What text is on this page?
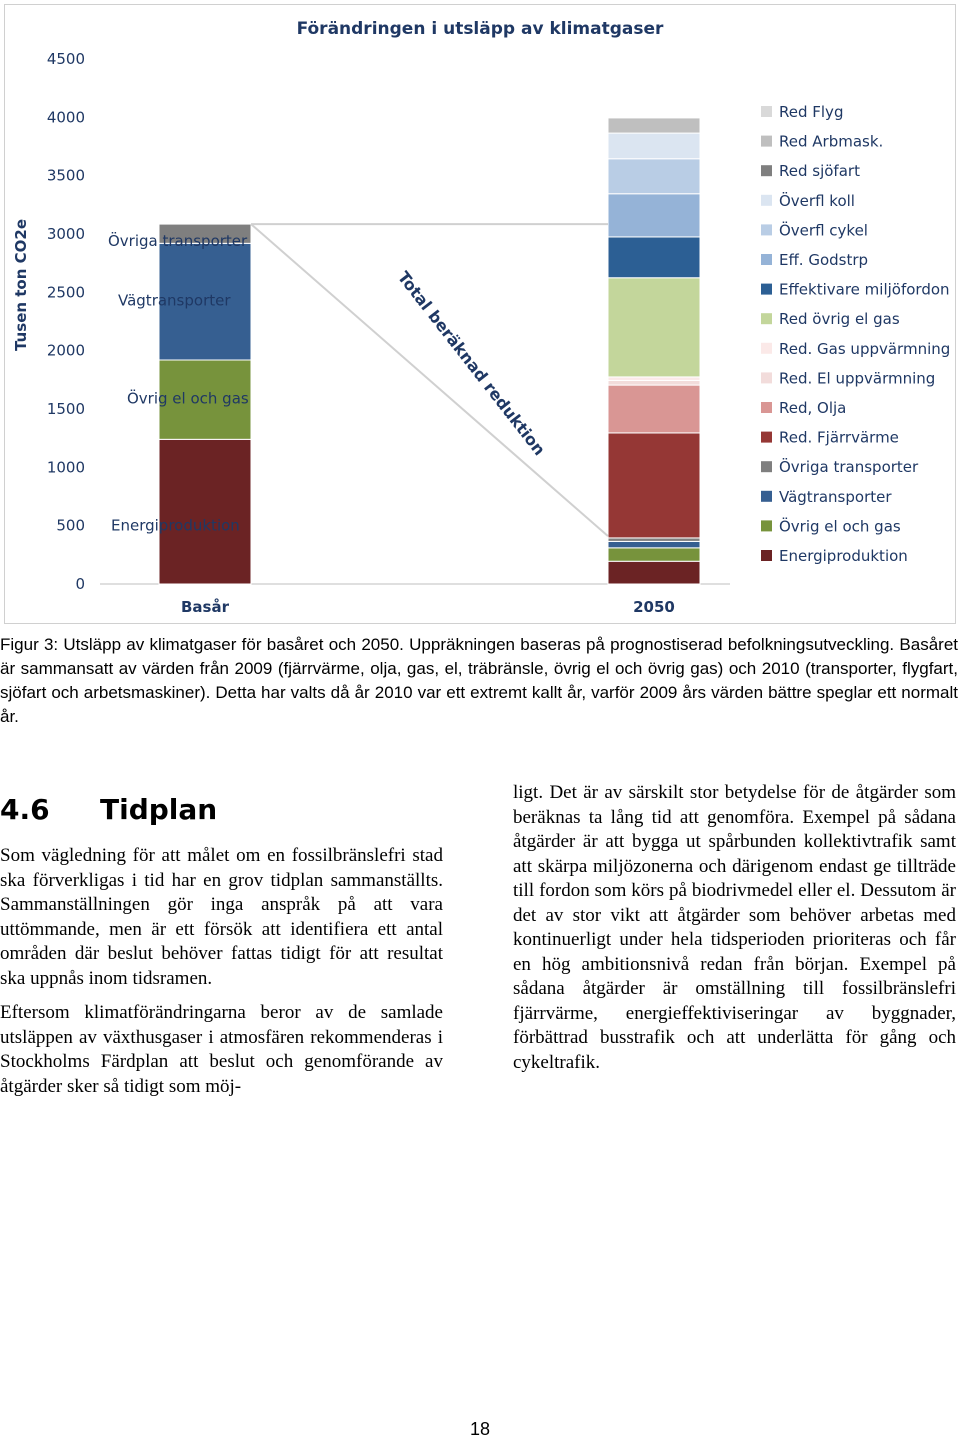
Förändringen i utsläpp av klimatgaser
Tusen ton CO2e
0
500
1000
1500
2000
2500
3000
3500
4000
4500
Basår	2050
Energiproduktion
Övrig el och gas
Vägtransporter
Övriga transporter
Total beräknad reduktion
Red Flyg
Red Arbmask.
Red sjöfart
Överfl koll
Överfl cykel
Eff. Godstrp
Effektivare miljöfordon
Red övrig el gas
Red. Gas uppvärmning
Red. El uppvärmning
Red, Olja
Red. Fjärrvärme
Övriga transporter
Vägtransporter
Övrig el och gas
Energiproduktion

Figur 3: Utsläpp av klimatgaser för basåret och 2050. Uppräkningen baseras på prognostiserad befolkningsutveckling. Basåret är sammansatt av värden från 2009 (fjärrvärme, olja, gas, el, träbränsle, övrig el och övrig gas) och 2010 (transporter, flygfart, sjöfart och arbetsmaskiner). Detta har valts då år 2010 var ett extremt kallt år, varför 2009 års värden bättre speglar ett normalt år.

4.6 Tidplan

Som vägledning för att målet om en fossilbränslefri stad ska förverkligas i tid har en grov tidplan sammanställts. Sammanställningen gör inga anspråk på att vara uttömmande, men är ett försök att identifiera ett antal områden där beslut behöver fattas tidigt för att resultat ska uppnås inom tidsramen.

Eftersom klimatförändringarna beror av de samlade utsläppen av växthusgaser i atmosfären rekommenderas i Stockholms Färdplan att beslut och genomförande av åtgärder sker så tidigt som möj-

ligt. Det är av särskilt stor betydelse för de åtgärder som beräknas ta lång tid att genomföra. Exempel på sådana åtgärder är att bygga ut spårbunden kollektivtrafik samt att skärpa miljözonerna och därigenom endast ge tillträde till fordon som körs på biodrivmedel eller el. Dessutom är det av stor vikt att åtgärder som behöver arbetas med kontinuerligt under hela tidsperioden prioriteras och får en hög ambitionsnivå redan från början. Exempel på sådana åtgärder är omställning till fossilbränslefri fjärrvärme, energieffektiviseringar av byggnader, förbättrad busstrafik och att underlätta för gång och cykeltrafik.

18
